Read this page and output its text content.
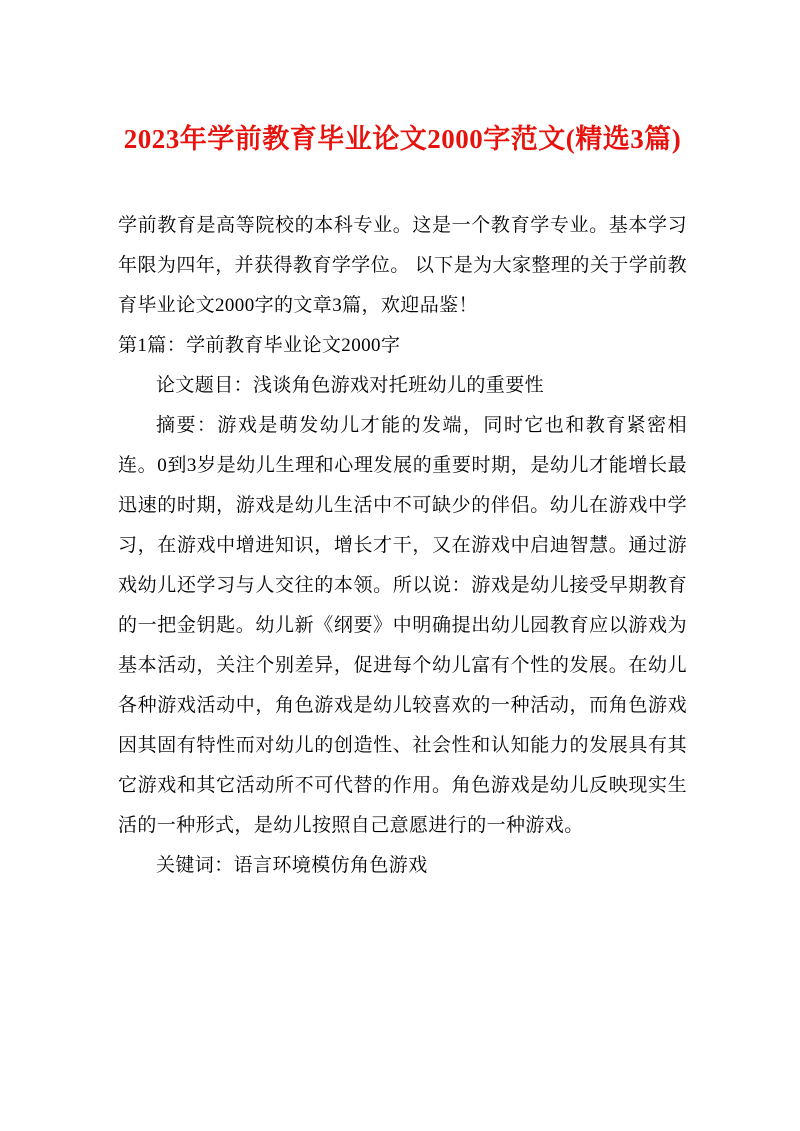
2023年学前教育毕业论文2000字范文(精选3篇)

学前教育是高等院校的本科专业。这是一个教育学专业。基本学习年限为四年，并获得教育学学位。 以下是为大家整理的关于学前教育毕业论文2000字的文章3篇，欢迎品鉴！

第1篇：学前教育毕业论文2000字

论文题目：浅谈角色游戏对托班幼儿的重要性

摘要：游戏是萌发幼儿才能的发端，同时它也和教育紧密相连。0到3岁是幼儿生理和心理发展的重要时期，是幼儿才能增长最迅速的时期，游戏是幼儿生活中不可缺少的伴侣。幼儿在游戏中学习，在游戏中增进知识，增长才干，又在游戏中启迪智慧。通过游戏幼儿还学习与人交往的本领。所以说：游戏是幼儿接受早期教育的一把金钥匙。幼儿新《纲要》中明确提出幼儿园教育应以游戏为基本活动，关注个别差异，促进每个幼儿富有个性的发展。在幼儿各种游戏活动中，角色游戏是幼儿较喜欢的一种活动，而角色游戏因其固有特性而对幼儿的创造性、社会性和认知能力的发展具有其它游戏和其它活动所不可代替的作用。角色游戏是幼儿反映现实生活的一种形式，是幼儿按照自己意愿进行的一种游戏。

关键词：语言环境模仿角色游戏
